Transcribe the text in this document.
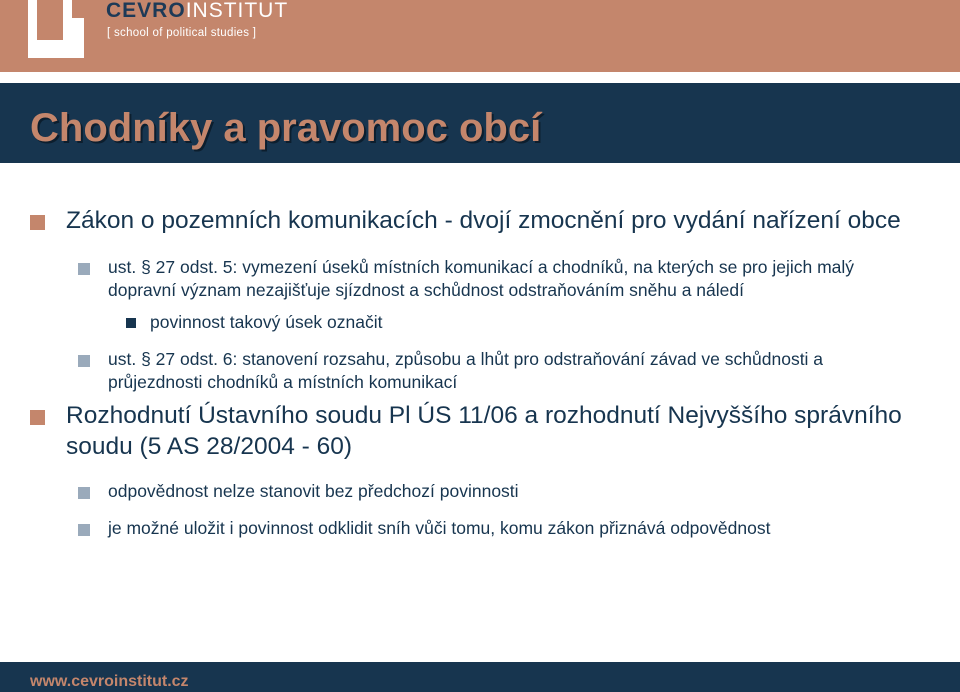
CEVROINSTITUT
[ school of political studies ]
Chodníky a pravomoc obcí
Zákon o pozemních komunikacích - dvojí zmocnění pro vydání nařízení obce
ust. § 27 odst. 5: vymezení úseků místních komunikací a chodníků, na kterých se pro jejich malý dopravní význam nezajišťuje sjízdnost a schůdnost odstraňováním sněhu a náledí
povinnost takový úsek označit
ust. § 27 odst. 6: stanovení rozsahu, způsobu a lhůt pro odstraňování závad ve schůdnosti a průjezdnosti chodníků a místních komunikací
Rozhodnutí Ústavního soudu Pl ÚS 11/06 a rozhodnutí Nejvyššího správního soudu (5 AS 28/2004 - 60)
odpovědnost nelze stanovit bez předchozí povinnosti
je možné uložit i povinnost odklidit sníh vůči tomu, komu zákon přiznává odpovědnost
www.cevroinstitut.cz
